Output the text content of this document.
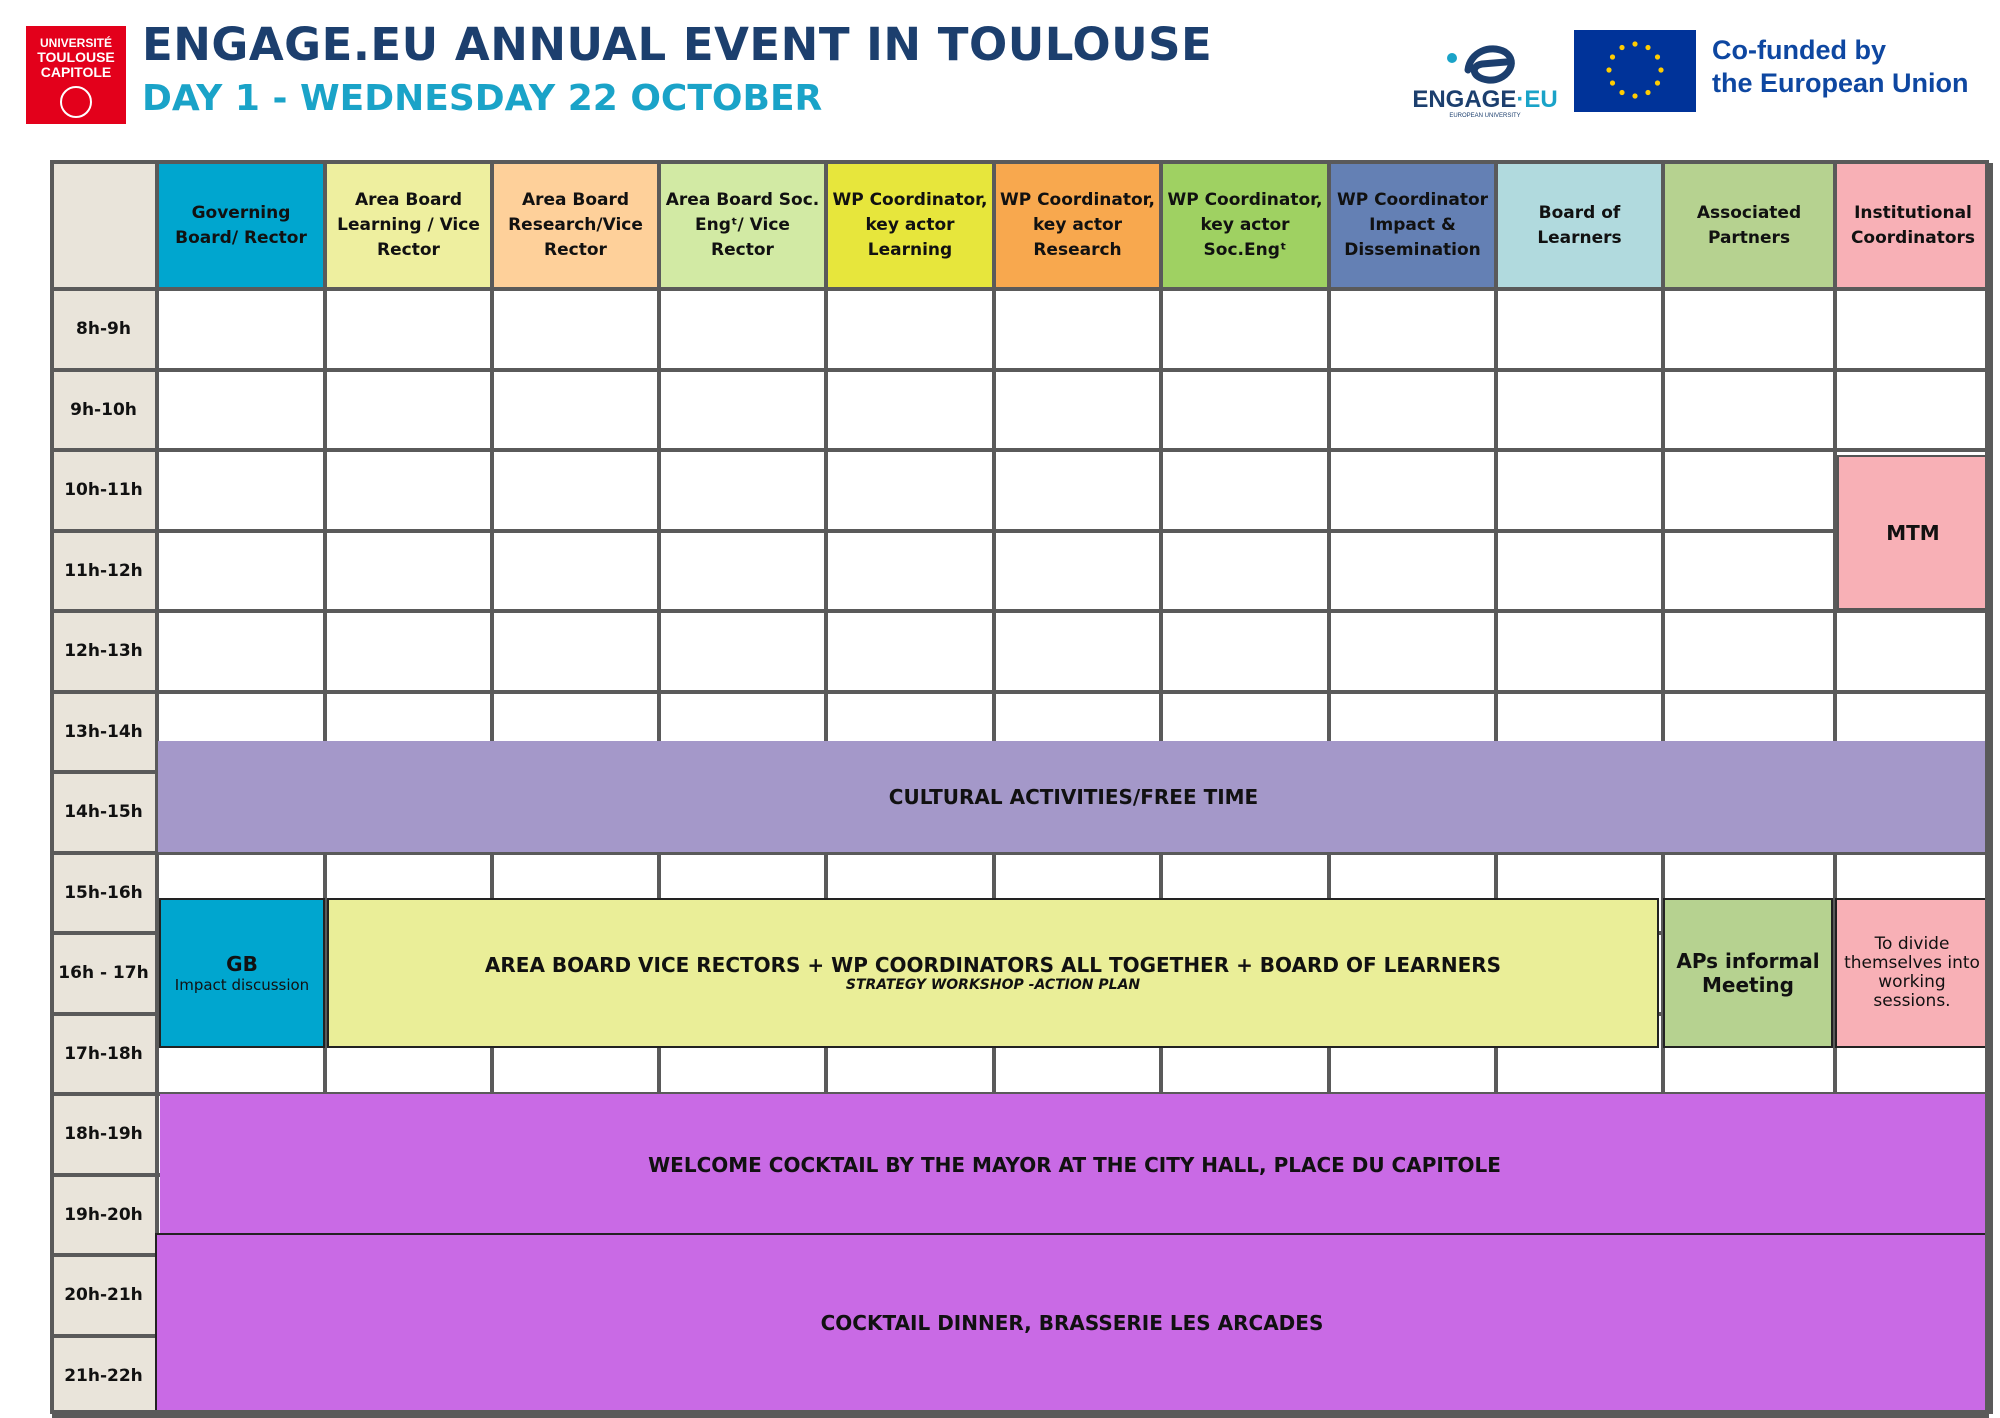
UNIVERSITÉ
TOULOUSE
CAPITOLE
ENGAGE.EU ANNUAL EVENT IN TOULOUSE
DAY 1 - WEDNESDAY 22 OCTOBER	ENGAGE·EU
EUROPEAN UNIVERSITY
Co-funded by
the European Union
Governing Board/ Rector
Area Board Learning / Vice Rector
Area Board Research/Vice Rector
Area Board Soc. Engᵗ/ Vice Rector
WP Coordinator, key actor Learning
WP Coordinator, key actor Research
WP Coordinator, key actor Soc.Engᵗ
WP Coordinator Impact & Dissemination
Board of Learners
Associated Partners
Institutional Coordinators
8h-9h
9h-10h
10h-11h
11h-12h
12h-13h
13h-14h
14h-15h
15h-16h
16h - 17h
17h-18h
18h-19h
19h-20h
20h-21h
21h-22h
MTM
CULTURAL ACTIVITIES/FREE TIME
GB
Impact discussion
AREA BOARD VICE RECTORS + WP COORDINATORS ALL TOGETHER + BOARD OF LEARNERS
STRATEGY WORKSHOP -ACTION PLAN
APs informal Meeting
To divide themselves into working sessions.
WELCOME COCKTAIL BY THE MAYOR AT THE CITY HALL, PLACE DU CAPITOLE
COCKTAIL DINNER, BRASSERIE LES ARCADES
